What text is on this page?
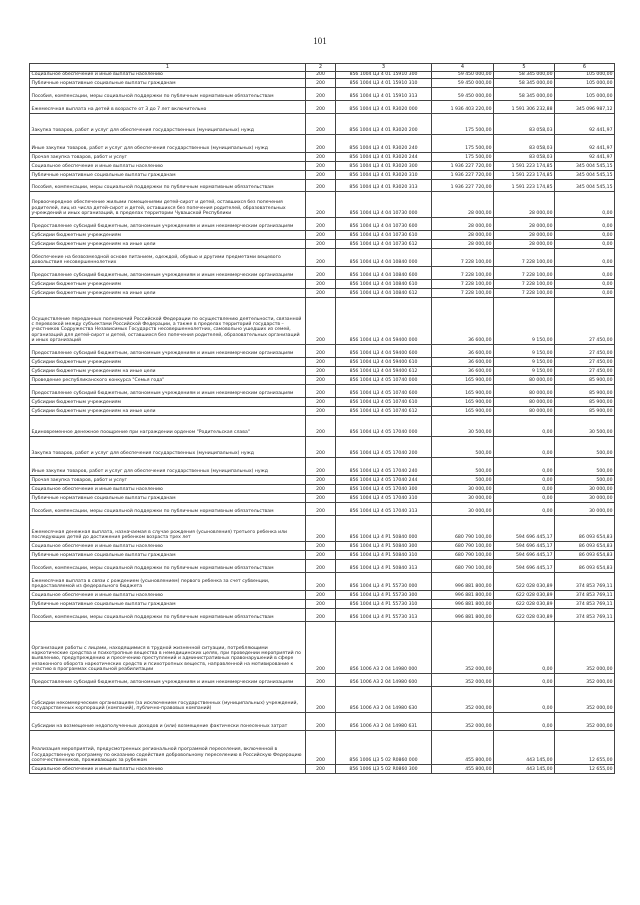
101
1	2	3	4	5	6
Социальное обеспечение и иные выплаты населению	200	856 1004 Ц3 4 01 15910 300	59 450 000,00	58 345 000,00	105 000,00
Публичные нормативные социальные выплаты гражданам	200	856 1004 Ц3 4 01 15910 310	59 450 000,00	58 345 000,00	105 000,00
Пособия, компенсации, меры социальной поддержки по публичным нормативным обязательствам	200	856 1004 Ц3 4 01 15910 313	59 450 000,00	58 345 000,00	105 000,00
Ежемесячная выплата на детей в возрасте от 3 до 7 лет включительно	200	856 1004 Ц3 4 01 R3020 000	1 936 403 220,00	1 591 306 232,88	345 096 987,12
Закупка товаров, работ и услуг для обеспечения государственных (муниципальных) нужд	200	856 1004 Ц3 4 01 R3020 200	175 500,00	83 058,03	92 441,97
Иные закупки товаров, работ и услуг для обеспечения государственных (муниципальных) нужд	200	856 1004 Ц3 4 01 R3020 240	175 500,00	83 058,03	92 441,97
Прочая закупка товаров, работ и услуг	200	856 1004 Ц3 4 01 R3020 244	175 500,00	83 058,03	92 441,97
Социальное обеспечение и иные выплаты населению	200	856 1004 Ц3 4 01 R3020 300	1 936 227 720,00	1 591 223 174,85	345 004 545,15
Публичные нормативные социальные выплаты гражданам	200	856 1004 Ц3 4 01 R3020 310	1 936 227 720,00	1 591 223 174,85	345 004 545,15
Пособия, компенсации, меры социальной поддержки по публичным нормативным обязательствам	200	856 1004 Ц3 4 01 R3020 313	1 936 227 720,00	1 591 223 174,85	345 004 545,15
Первоочередное обеспечение жилыми помещениями детей-сирот и детей, оставшихся без попечения родителей, лиц из числа детей-сирот и детей, оставшихся без попечения родителей, образовательных учреждений и иных организаций, в пределах территории Чувашской Республики	200	856 1004 Ц3 4 04 10730 000	28 000,00	28 000,00	0,00
Предоставление субсидий бюджетным, автономным учреждениям и иным некоммерческим организациям	200	856 1004 Ц3 4 04 10730 600	28 000,00	28 000,00	0,00
Субсидии бюджетным учреждениям	200	856 1004 Ц3 4 04 10730 610	28 000,00	28 000,00	0,00
Субсидии бюджетным учреждениям на иные цели	200	856 1004 Ц3 4 04 10730 612	28 000,00	28 000,00	0,00
Обеспечение на безвозмездной основе питанием, одеждой, обувью и другими предметами вещевого довольствия несовершеннолетних	200	856 1004 Ц3 4 04 10840 000	7 228 100,00	7 228 100,00	0,00
Предоставление субсидий бюджетным, автономным учреждениям и иным некоммерческим организациям	200	856 1004 Ц3 4 04 10840 600	7 228 100,00	7 228 100,00	0,00
Субсидии бюджетным учреждениям	200	856 1004 Ц3 4 04 10840 610	7 228 100,00	7 228 100,00	0,00
Субсидии бюджетным учреждениям на иные цели	200	856 1004 Ц3 4 04 10840 612	7 228 100,00	7 228 100,00	0,00
Осуществление переданных полномочий Российской Федерации по осуществлению деятельности, связанной с перевозкой между субъектами Российской Федерации, а также в пределах территорий государств – участников Содружества Независимых Государств несовершеннолетних, самовольно ушедших из семей, организаций для детей-сирот и детей, оставшихся без попечения родителей, образовательных организаций и иных организаций	200	856 1004 Ц3 4 04 59400 000	36 600,00	9 150,00	27 450,00
Предоставление субсидий бюджетным, автономным учреждениям и иным некоммерческим организациям	200	856 1004 Ц3 4 04 59400 600	36 600,00	9 150,00	27 450,00
Субсидии бюджетным учреждениям	200	856 1004 Ц3 4 04 59400 610	36 600,00	9 150,00	27 450,00
Субсидии бюджетным учреждениям на иные цели	200	856 1004 Ц3 4 04 59400 612	36 600,00	9 150,00	27 450,00
Проведение республиканского конкурса "Семья года"	200	856 1004 Ц3 4 05 10740 000	165 900,00	80 000,00	85 900,00
Предоставление субсидий бюджетным, автономным учреждениям и иным некоммерческим организациям	200	856 1004 Ц3 4 05 10740 600	165 900,00	80 000,00	85 900,00
Субсидии бюджетным учреждениям	200	856 1004 Ц3 4 05 10740 610	165 900,00	80 000,00	85 900,00
Субсидии бюджетным учреждениям на иные цели	200	856 1004 Ц3 4 05 10740 612	165 900,00	80 000,00	85 900,00
Единовременное денежное поощрение при награждении орденом "Родительская слава"	200	856 1004 Ц3 4 05 17040 000	30 500,00	0,00	30 500,00
Закупка товаров, работ и услуг для обеспечения государственных (муниципальных) нужд	200	856 1004 Ц3 4 05 17040 200	500,00	0,00	500,00
Иные закупки товаров, работ и услуг для обеспечения государственных (муниципальных) нужд	200	856 1004 Ц3 4 05 17040 240	500,00	0,00	500,00
Прочая закупка товаров, работ и услуг	200	856 1004 Ц3 4 05 17040 244	500,00	0,00	500,00
Социальное обеспечение и иные выплаты населению	200	856 1004 Ц3 4 05 17040 300	30 000,00	0,00	30 000,00
Публичные нормативные социальные выплаты гражданам	200	856 1004 Ц3 4 05 17040 310	30 000,00	0,00	30 000,00
Пособия, компенсации, меры социальной поддержки по публичным нормативным обязательствам	200	856 1004 Ц3 4 05 17040 313	30 000,00	0,00	30 000,00
Ежемесячная денежная выплата, назначаемая в случае рождения (усыновления) третьего ребенка или последующих детей до достижения ребенком возраста трех лет	200	856 1004 Ц3 4 P1 50840 000	680 790 100,00	594 696 445,17	86 093 654,83
Социальное обеспечение и иные выплаты населению	200	856 1004 Ц3 4 P1 50840 300	680 790 100,00	594 696 445,17	86 093 654,83
Публичные нормативные социальные выплаты гражданам	200	856 1004 Ц3 4 P1 50840 310	680 790 100,00	594 696 445,17	86 093 654,83
Пособия, компенсации, меры социальной поддержки по публичным нормативным обязательствам	200	856 1004 Ц3 4 P1 50840 313	680 790 100,00	594 696 445,17	86 093 654,83
Ежемесячная выплата в связи с рождением (усыновлением) первого ребенка за счет субвенции, предоставляемой из федерального бюджета	200	856 1004 Ц3 4 P1 55730 000	996 881 800,00	622 028 030,89	374 853 769,11
Социальное обеспечение и иные выплаты населению	200	856 1004 Ц3 4 P1 55730 300	996 881 800,00	622 028 030,89	374 853 769,11
Публичные нормативные социальные выплаты гражданам	200	856 1004 Ц3 4 P1 55730 310	996 881 800,00	622 028 030,89	374 853 769,11
Пособия, компенсации, меры социальной поддержки по публичным нормативным обязательствам	200	856 1004 Ц3 4 P1 55730 313	996 881 800,00	622 028 030,89	374 853 769,11
Организация работы с лицами, находящимися в трудной жизненной ситуации, потребляющими наркотические средства и психотропные вещества в немедицинских целях, при проведении мероприятий по выявлению, предупреждению и пресечению преступлений и административных правонарушений в сфере незаконного оборота наркотических средств и психотропных веществ, направленной на мотивирование к участию в программах социальной реабилитации	200	856 1006 А3 2 04 14980 000	352 000,00	0,00	352 000,00
Предоставление субсидий бюджетным, автономным учреждениям и иным некоммерческим организациям	200	856 1006 А3 2 04 14980 600	352 000,00	0,00	352 000,00
Субсидии некоммерческим организациям (за исключением государственных (муниципальных) учреждений, государственных корпораций (компаний), публично-правовых компаний)	200	856 1006 А3 2 04 14980 630	352 000,00	0,00	352 000,00
Субсидии на возмещение недополученных доходов и (или) возмещение фактически понесенных затрат	200	856 1006 А3 2 04 14980 631	352 000,00	0,00	352 000,00
Реализация мероприятий, предусмотренных региональной программой переселения, включенной в Государственную программу по оказанию содействия добровольному переселению в Российскую Федерацию соотечественников, проживающих за рубежом	200	856 1006 Ц3 5 02 R0860 000	455 800,00	443 145,00	12 655,00
Социальное обеспечение и иные выплаты населению	200	856 1006 Ц3 5 02 R0860 300	455 800,00	443 145,00	12 655,00
